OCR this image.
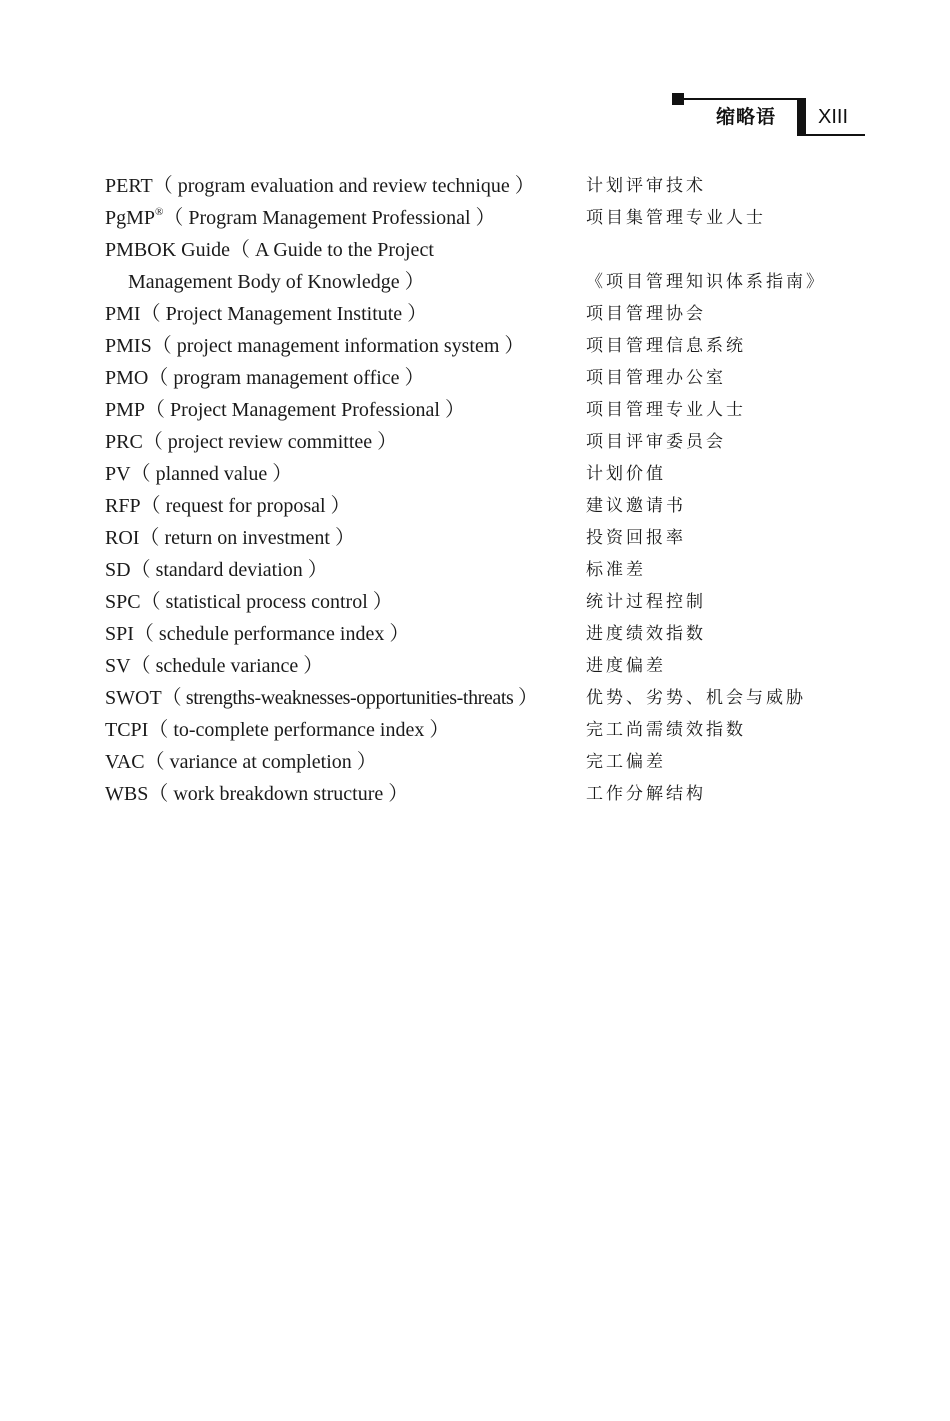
缩略语 XIII
PERT（ program evaluation and review technique ）	计划评审技术
PgMP®（ Program Management Professional ）	项目集管理专业人士
PMBOK Guide（ A Guide to the Project
Management Body of Knowledge ）	《项目管理知识体系指南》
PMI（ Project Management Institute ）	项目管理协会
PMIS（ project management information system ）	项目管理信息系统
PMO（ program management office ）	项目管理办公室
PMP（ Project Management Professional ）	项目管理专业人士
PRC（ project review committee ）	项目评审委员会
PV（ planned value ）	计划价值
RFP（ request for proposal ）	建议邀请书
ROI（ return on investment ）	投资回报率
SD（ standard deviation ）	标准差
SPC（ statistical process control ）	统计过程控制
SPI（ schedule performance index ）	进度绩效指数
SV（ schedule variance ）	进度偏差
SWOT（ strengths-weaknesses-opportunities-threats ）	优势、劣势、机会与威胁
TCPI（ to-complete performance index ）	完工尚需绩效指数
VAC（ variance at completion ）	完工偏差
WBS（ work breakdown structure ）	工作分解结构
